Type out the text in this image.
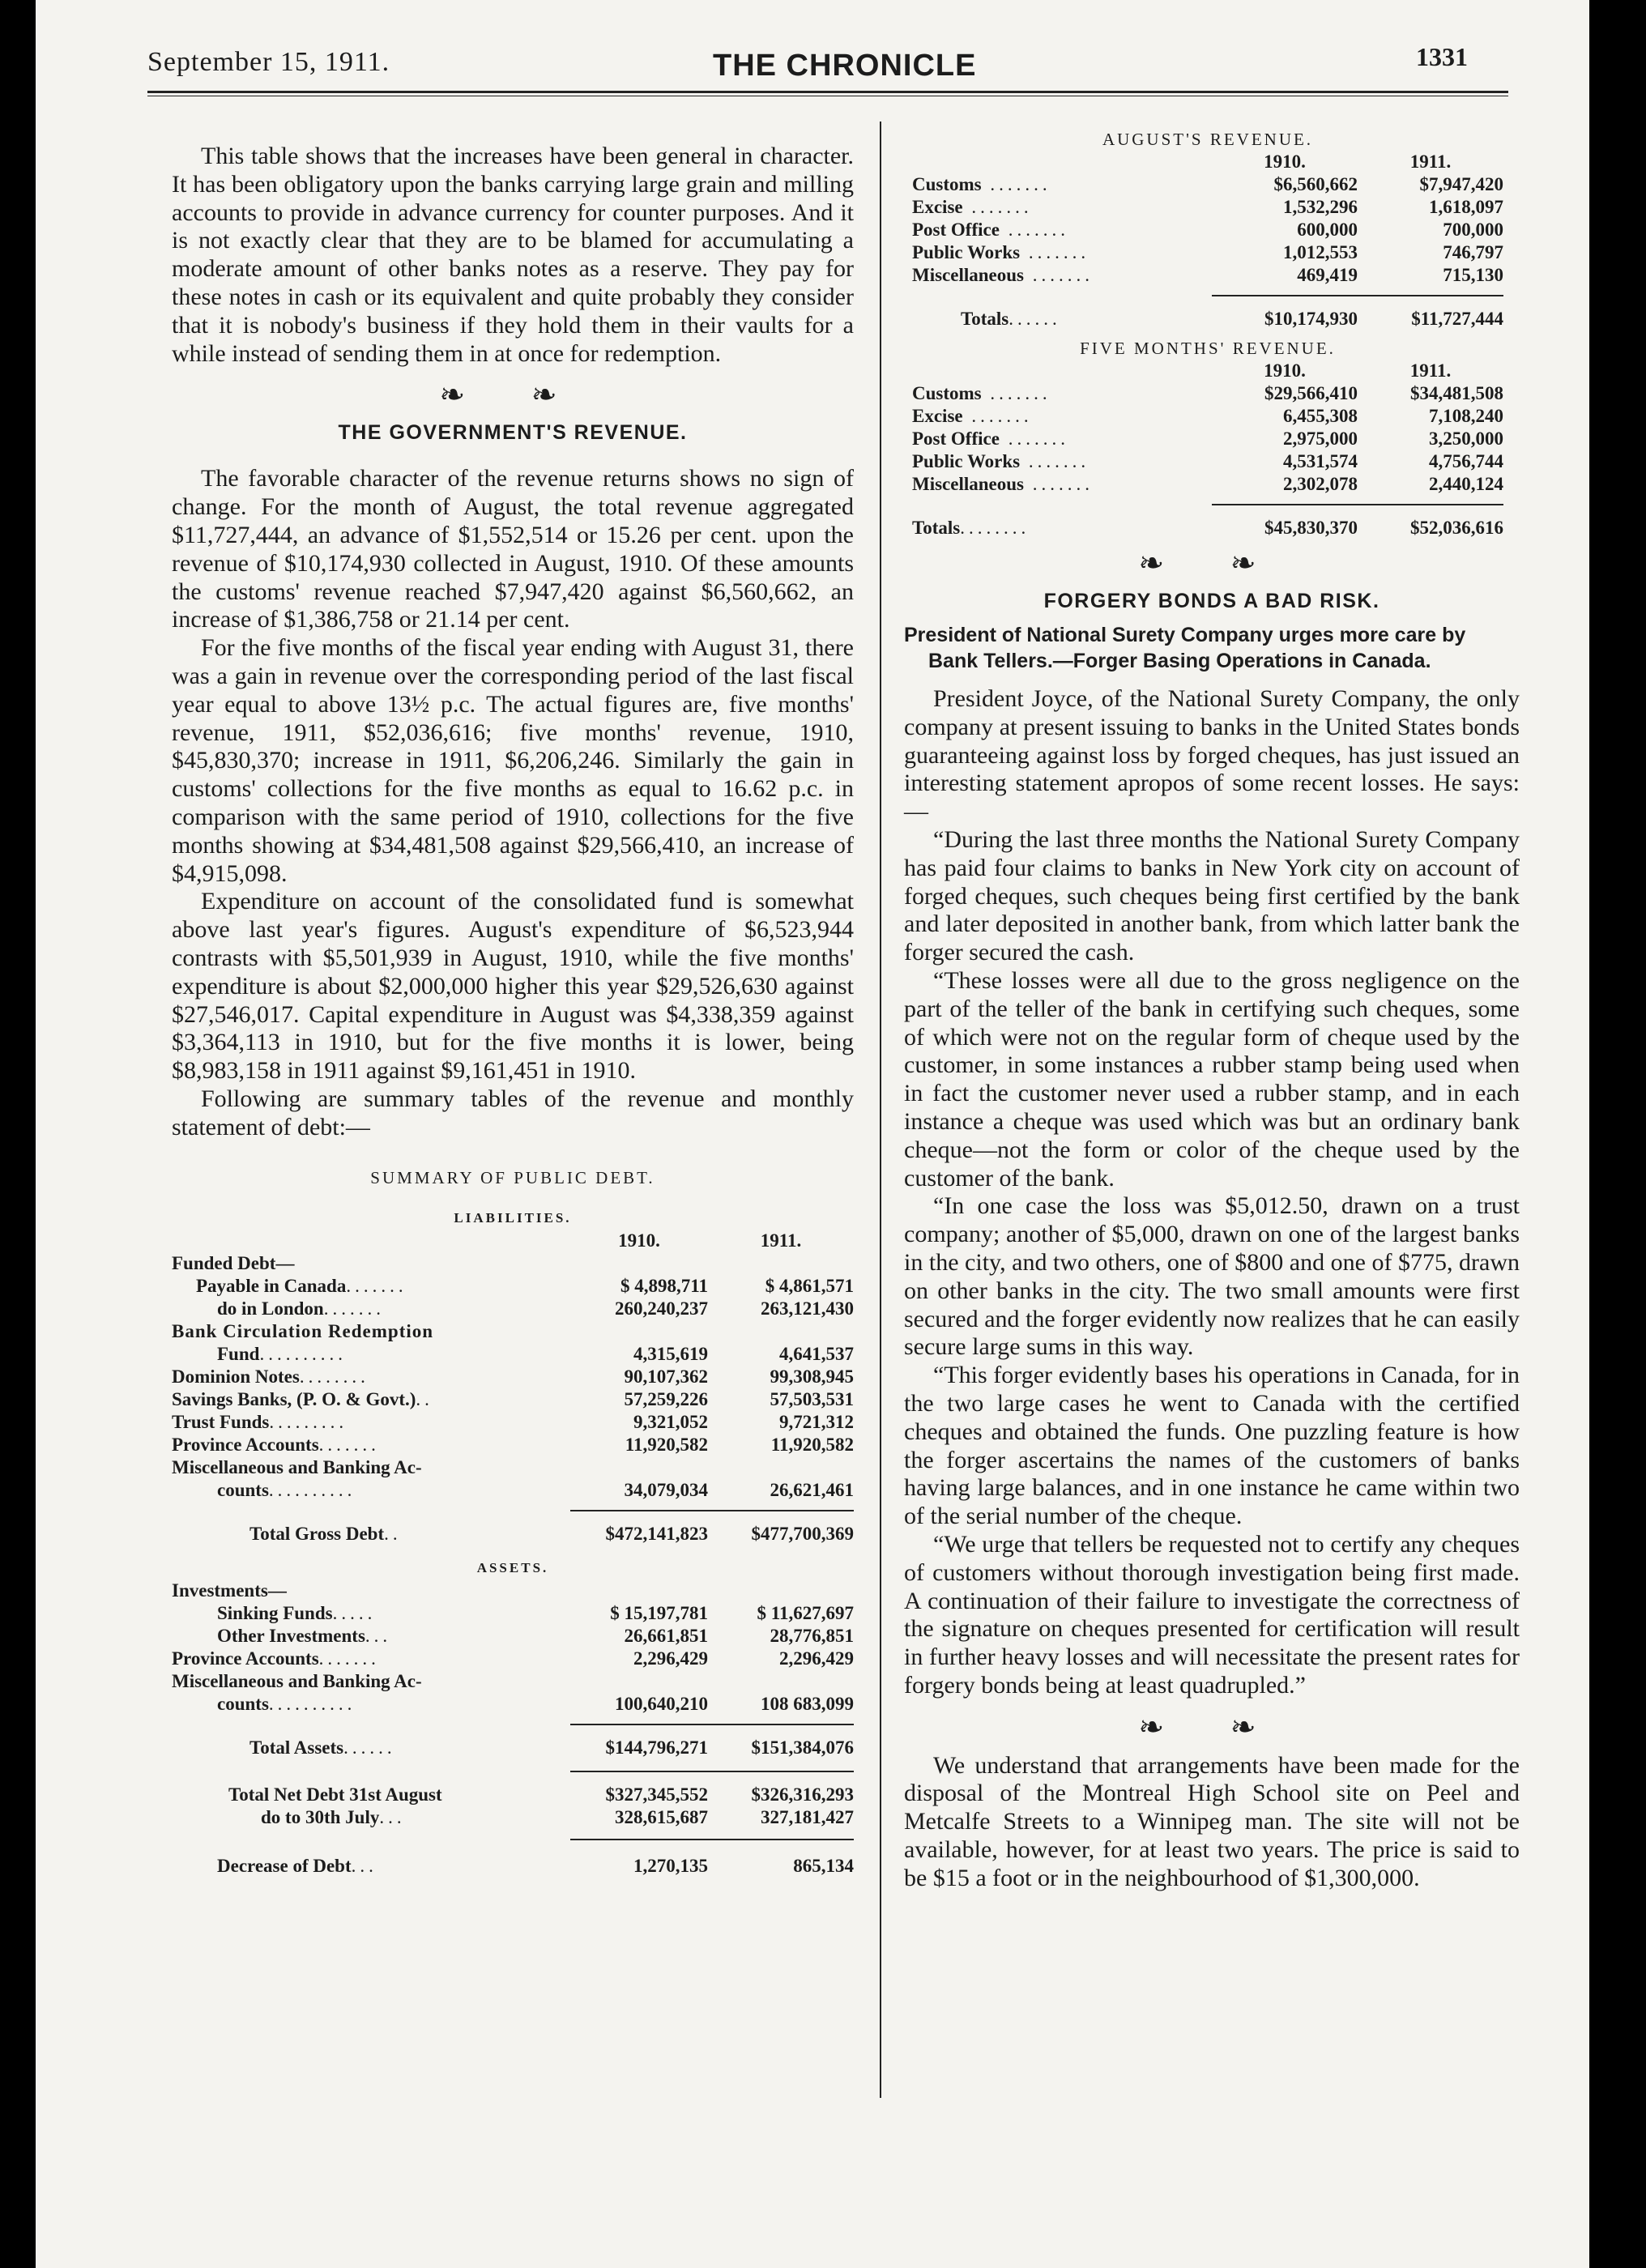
September 15, 1911.	THE CHRONICLE	1331

This table shows that the increases have been general in character. It has been obligatory upon the banks carrying large grain and milling accounts to provide in advance currency for counter purposes. And it is not exactly clear that they are to be blamed for accumulating a moderate amount of other banks notes as a reserve. They pay for these notes in cash or its equivalent and quite probably they consider that it is nobody's business if they hold them in their vaults for a while instead of sending them in at once for redemption.

❧ ❧
THE GOVERNMENT'S REVENUE.

The favorable character of the revenue returns shows no sign of change. For the month of August, the total revenue aggregated $11,727,444, an advance of $1,552,514 or 15.26 per cent. upon the revenue of $10,174,930 collected in August, 1910. Of these amounts the customs' revenue reached $7,947,420 against $6,560,662, an increase of $1,386,758 or 21.14 per cent.

For the five months of the fiscal year ending with August 31, there was a gain in revenue over the corresponding period of the last fiscal year equal to above 13½ p.c. The actual figures are, five months' revenue, 1911, $52,036,616; five months' revenue, 1910, $45,830,370; increase in 1911, $6,206,246. Similarly the gain in customs' collections for the five months as equal to 16.62 p.c. in comparison with the same period of 1910, collections for the five months showing at $34,481,508 against $29,566,410, an increase of $4,915,098.

Expenditure on account of the consolidated fund is somewhat above last year's figures. August's expenditure of $6,523,944 contrasts with $5,501,939 in August, 1910, while the five months' expenditure is about $2,000,000 higher this year $29,526,630 against $27,546,017. Capital expenditure in August was $4,338,359 against $3,364,113 in 1910, but for the five months it is lower, being $8,983,158 in 1911 against $9,161,451 in 1910.

Following are summary tables of the revenue and monthly statement of debt:—

SUMMARY OF PUBLIC DEBT.
LIABILITIES.
1910.	1911.
Funded Debt—
Payable in Canada.......	$ 4,898,711	$ 4,861,571
do in London.......	260,240,237	263,121,430
Bank Circulation Redemption
Fund..........	4,315,619	4,641,537
Dominion Notes........	90,107,362	99,308,945
Savings Banks, (P. O. & Govt.)..	57,259,226	57,503,531
Trust Funds.........	9,321,052	9,721,312
Province Accounts.......	11,920,582	11,920,582
Miscellaneous and Banking Ac-
counts..........	34,079,034	26,621,461
Total Gross Debt..	$472,141,823	$477,700,369
ASSETS.
Investments—
Sinking Funds.....	$ 15,197,781	$ 11,627,697
Other Investments...	26,661,851	28,776,851
Province Accounts.......	2,296,429	2,296,429
Miscellaneous and Banking Ac-
counts..........	100,640,210	108 683,099
Total Assets......	$144,796,271	$151,384,076
Total Net Debt 31st August	$327,345,552	$326,316,293
do to 30th July...	328,615,687	327,181,427
Decrease of Debt...	1,270,135	865,134
AUGUST'S REVENUE.
1910.	1911.
Customs .......	$6,560,662	$7,947,420
Excise .......	1,532,296	1,618,097
Post Office .......	600,000	700,000
Public Works .......	1,012,553	746,797
Miscellaneous .......	469,419	715,130
Totals......	$10,174,930	$11,727,444
FIVE MONTHS' REVENUE.
1910.	1911.
Customs .......	$29,566,410	$34,481,508
Excise .......	6,455,308	7,108,240
Post Office .......	2,975,000	3,250,000
Public Works .......	4,531,574	4,756,744
Miscellaneous .......	2,302,078	2,440,124
Totals........	$45,830,370	$52,036,616
❧ ❧
FORGERY BONDS A BAD RISK.
President of National Surety Company urges more care by Bank Tellers.—Forger Basing Operations in Canada.

President Joyce, of the National Surety Company, the only company at present issuing to banks in the United States bonds guaranteeing against loss by forged cheques, has just issued an interesting statement apropos of some recent losses. He says:—

“During the last three months the National Surety Company has paid four claims to banks in New York city on account of forged cheques, such cheques being first certified by the bank and later deposited in another bank, from which latter bank the forger secured the cash.

“These losses were all due to the gross negligence on the part of the teller of the bank in certifying such cheques, some of which were not on the regular form of cheque used by the customer, in some instances a rubber stamp being used when in fact the customer never used a rubber stamp, and in each instance a cheque was used which was but an ordinary bank cheque—not the form or color of the cheque used by the customer of the bank.

“In one case the loss was $5,012.50, drawn on a trust company; another of $5,000, drawn on one of the largest banks in the city, and two others, one of $800 and one of $775, drawn on other banks in the city. The two small amounts were first secured and the forger evidently now realizes that he can easily secure large sums in this way.

“This forger evidently bases his operations in Canada, for in the two large cases he went to Canada with the certified cheques and obtained the funds. One puzzling feature is how the forger ascertains the names of the customers of banks having large balances, and in one instance he came within two of the serial number of the cheque.

“We urge that tellers be requested not to certify any cheques of customers without thorough investigation being first made. A continuation of their failure to investigate the correctness of the signature on cheques presented for certification will result in further heavy losses and will necessitate the present rates for forgery bonds being at least quadrupled.”

❧ ❧

We understand that arrangements have been made for the disposal of the Montreal High School site on Peel and Metcalfe Streets to a Winnipeg man. The site will not be available, however, for at least two years. The price is said to be $15 a foot or in the neighbourhood of $1,300,000.
